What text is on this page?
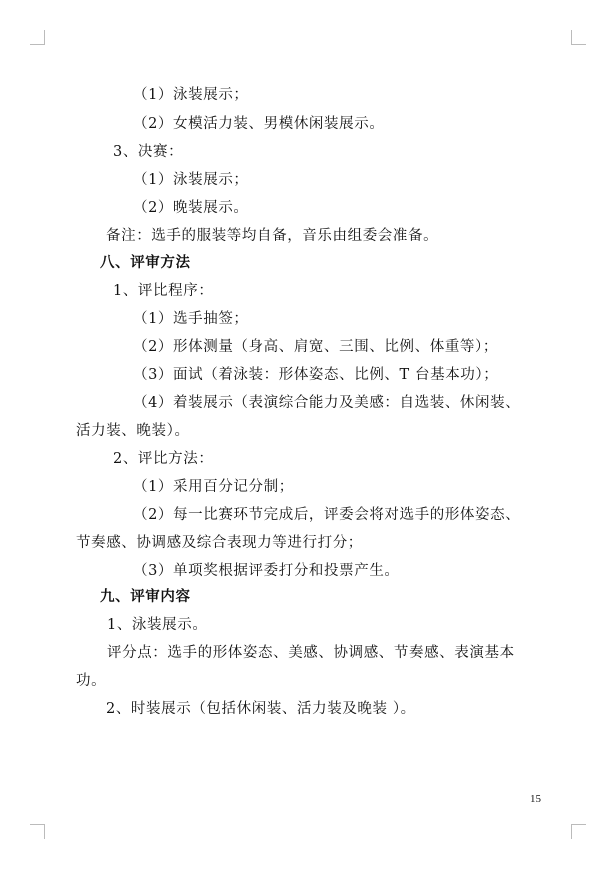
（1）泳装展示；
（2）女模活力装、男模休闲装展示。
3、决赛：
（1）泳装展示；
（2）晚装展示。
备注：选手的服装等均自备，音乐由组委会准备。
八、评审方法
1、评比程序：
（1）选手抽签；
（2）形体测量（身高、肩宽、三围、比例、体重等）；
（3）面试（着泳装：形体姿态、比例、T 台基本功）；
（4）着装展示（表演综合能力及美感：自选装、休闲装、
活力装、晚装）。
2、评比方法：
（1）采用百分记分制；
（2）每一比赛环节完成后，评委会将对选手的形体姿态、
节奏感、协调感及综合表现力等进行打分；
（3）单项奖根据评委打分和投票产生。
九、评审内容
1、泳装展示。
评分点：选手的形体姿态、美感、协调感、节奏感、表演基本
功。
2、时装展示（包括休闲装、活力装及晚装 ）。
15
